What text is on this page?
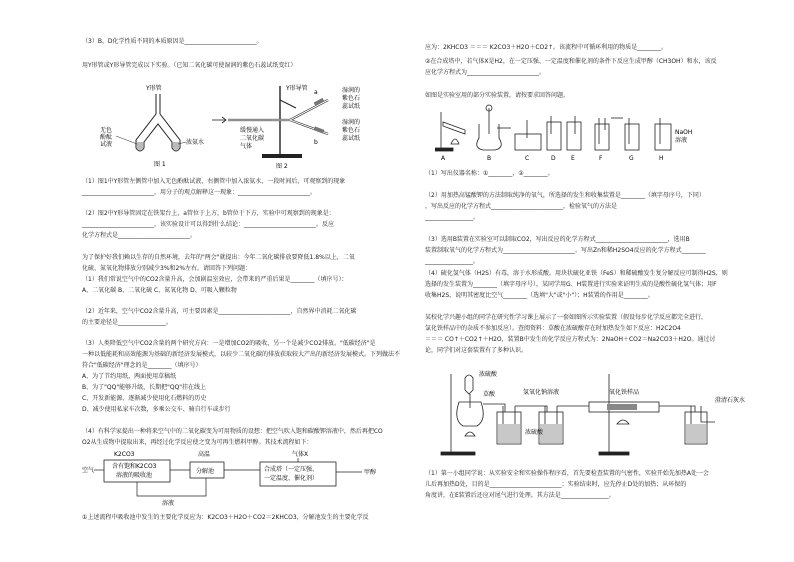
（3）B、D化学性质不同的本质原因是________________________。
用Y形管或Y形导管完成以下实验。（已知二氧化碳可使湿润的紫色石蕊试纸变红）
Y形管
无色
酚酞
试液	浓氨水
图 1
Y形导管
a
b
缓慢通入
二氧化碳
气体
湿润的
紫色石
蕊试纸
湿润的
紫色石
蕊试纸
图 2
（1）图1中Y形管左侧管中加入无色酚酞试液，右侧管中加入浓氨水，一段时间后，可观察到的现象
________________________，用分子的观点解释这一现象：________________________。
（2）图2中Y形导管固定在铁架台上，a管位于上方，b管位于下方，实验中可观察到的现象是：
________________________，该实验设计可以得到什么结论：________________________。反应
化学方程式是________________________。
为了保护好我们赖以生存的自然环境，去年的"两会"就提出：今年二氧化碳排放要降低1.8%以上，二氧
化硫、氮氧化物排放分别减少3%和2%左右。请回答下列问题：
（1）我们常说空气中的CO2含量升高，会加剧温室效应，会带来的严重后果是________（填序号）：
A、二氧化碳 B、二氧化硫 C、氮氧化物 D、可吸入颗粒物
（2）近年来，空气中CO2含量升高，可主要因素是________________________，自然界中消耗二氧化碳
的主要途径是________________。
（3）人类降低空气中CO2含量的两个研究方向：一是增加CO2的吸收，另一个是减少CO2排放。"低碳经济"是
一种以低能耗和高效能源为基础的新经济发展模式，以较少二氧化碳的排放获取较大产出的新经济发展模式。下列做法不
符合"低碳经济"理念的是________（填序号）
A、为了节约用纸，两面使用草稿纸
B、为了"QQ"能够升级，长期把"QQ"挂在线上
C、开发新能源，逐渐减少使用化石燃料的历史
D、减少使用私家车次数，多乘公交车、骑自行车或步行
（4）有科学家提出一种将来空气中的二氧化碳变为可用物质的设想：把空气吹入饱和碳酸钾溶液中，然后再把CO
O2从生成物中提取出来，再经过化学反应使之变为可再生燃料甲醇。其技术流程如下：
空气
含有饱和K2CO3
溶液的吸收池
K2CO3
分解池
高温	气体X
合成塔（一定压强、
一定温度、催化剂）
甲醇
溶液
①上述流程中吸收池中发生的主要化学反应为：K2CO3＋H2O＋CO2＝2KHCO3，分解池发生的主要化学反
应为：2KHCO3 ＝＝＝ K2CO3＋H2O＋CO2↑。该流程中可循环利用的物质是________。
②在合成塔中，若气体X是H2，在一定压强、一定温度和催化剂的条件下反应生成甲醇（CH3OH）和水，该反
应化学方程式为________________________。
如图是实验室用的部分实验装置，请按要求回答问题。
A	B	C	D	E	F	G	H
NaOH
溶液
（1）写出仪器名称：①________，②________。
（2）用加热高锰酸钾的方法制取纯净的氧气，所选择的发生和收集装置是________（填字母序号，下同）
，写出反应的化学方程式________________________，检验氧气的方法是
________________。
（3）选用B装置在实验室可以制取CO2，写出反应的化学方程式________________________，选用B
装置制取氧气的化学方程式为________________________。写出Zn和稀H2SO4反应的化学方程式________
________________。
（4）硫化氢气体（H2S）有毒，溶于水形成酸。用块状硫化亚铁（FeS）和稀硫酸发生复分解反应可制得H2S，则
选择的发生装置为________（填字母序号），某同学用G、H装置进行实验来证明生成的是酸性硫化氢气体；用F
收集H2S，说明其密度比空气________（选填"大"或"小"）；H装置的作用是________。
某校化学兴趣小组的同学在研究性学习课上展示了一套如图所示实验装置（假设每步化学反应都完全进行，
氯化铁样品中的杂质不参加反应）。查阅资料：草酸在浓硫酸存在时加热发生如下反应：H2C2O4
＝＝＝ CO↑＋CO2↑＋H2O，装置B中发生的化学反应方程式为：2NaOH＋CO2＝Na2CO3＋H2O。通过讨
论，同学们对这套装置有了多种认识。
浓硫酸
草酸	氢氧化钠溶液
浓硫酸
氧化铁样品
澄清石灰水
（1）第一小组同学说：从实验安全和实验操作程序看，首先要检查装置的气密性，实验开始先加热A处一会
儿后再加热D处，目的是________________________；实验结束时，应先停止D处的加热；从环保的
角度讲，在E装置后还应对尾气进行处理。其方法是________________。
